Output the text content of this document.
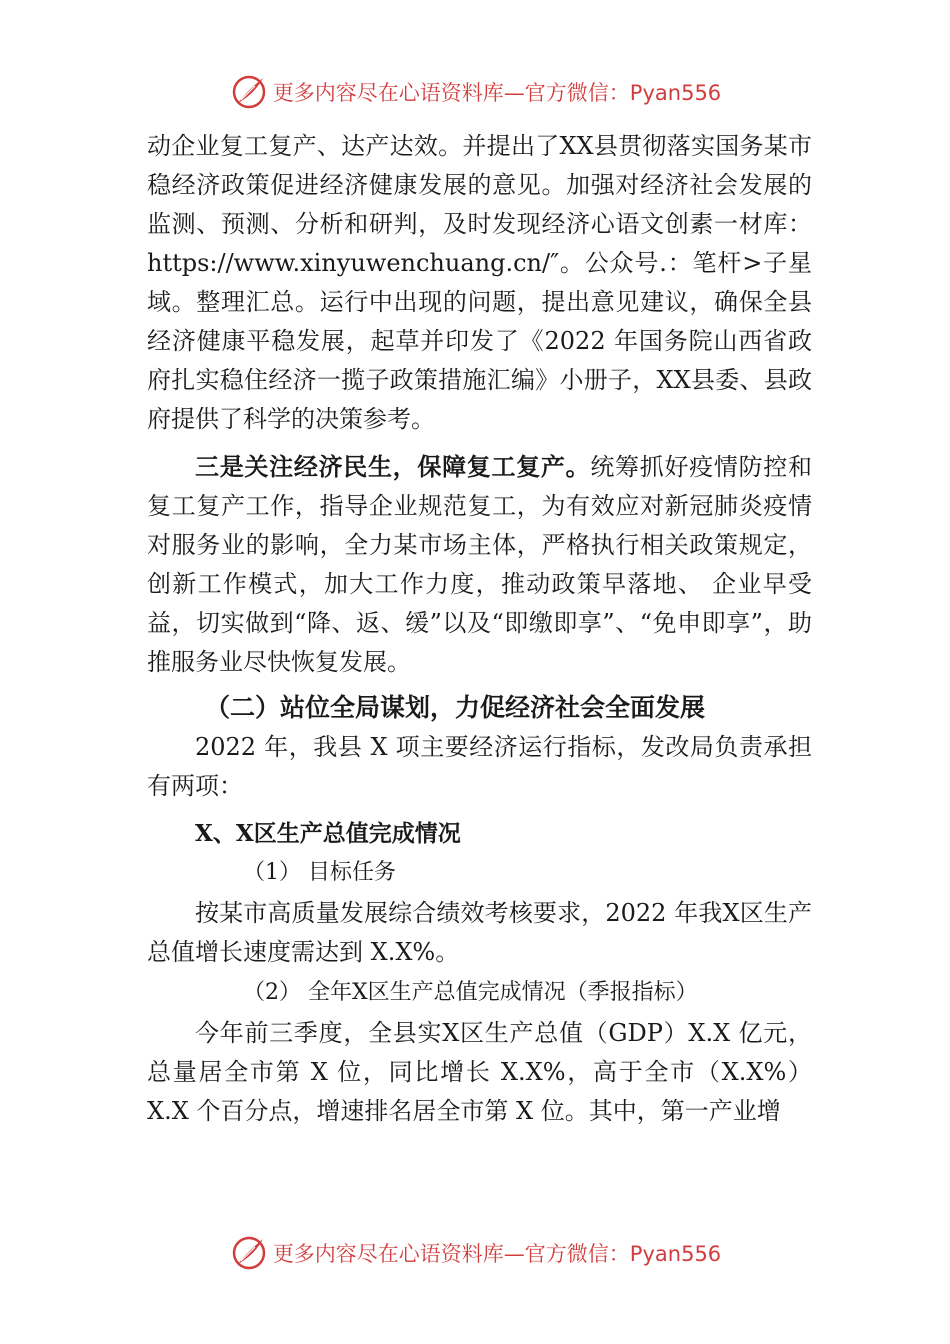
更多内容尽在心语资料库—官方微信：Pyan556

动企业复工复产、达产达效。并提出了XX县贯彻落实国务某市稳经济政策促进经济健康发展的意见。加强对经济社会发展的监测、预测、分析和研判，及时发现经济心语文创素一材库：https://www.xinyuwenchuang.cn/″。公众号.：笔杆>子星域。整理汇总。运行中出现的问题，提出意见建议，确保全县经济健康平稳发展，起草并印发了《2022 年国务院山西省政府扎实稳住经济一揽子政策措施汇编》小册子，XX县委、县政府提供了科学的决策参考。

三是关注经济民生，保障复工复产。统筹抓好疫情防控和复工复产工作，指导企业规范复工，为有效应对新冠肺炎疫情对服务业的影响，全力某市场主体，严格执行相关政策规定，创新工作模式，加大工作力度，推动政策早落地、 企业早受益，切实做到“降、返、缓”以及“即缴即享”、“免申即享”，助推服务业尽快恢复发展。

（二）站位全局谋划，力促经济社会全面发展

2022 年，我县 X 项主要经济运行指标，发改局负责承担有两项：

X、X区生产总值完成情况

（1） 目标任务

按某市高质量发展综合绩效考核要求，2022 年我X区生产总值增长速度需达到 X.X%。

（2） 全年X区生产总值完成情况（季报指标）

今年前三季度，全县实X区生产总值（GDP）X.X 亿元，总量居全市第 X 位，同比增长 X.X%，高于全市（X.X%）X.X 个百分点，增速排名居全市第 X 位。其中，第一产业增

更多内容尽在心语资料库—官方微信：Pyan556
